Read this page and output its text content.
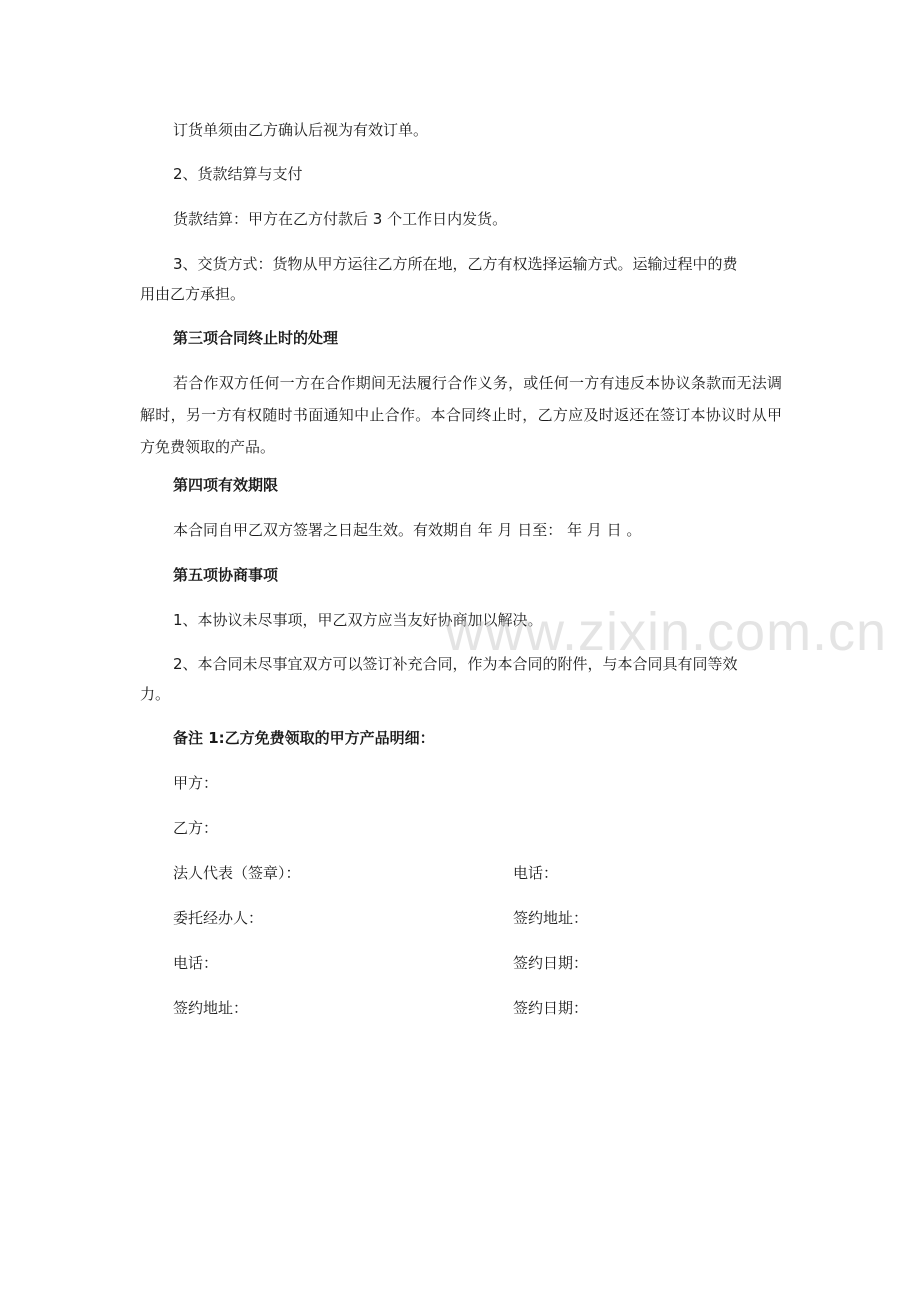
订货单须由乙方确认后视为有效订单。
2、货款结算与支付
货款结算：甲方在乙方付款后 3 个工作日内发货。
3、交货方式：货物从甲方运往乙方所在地，乙方有权选择运输方式。运输过程中的费
用由乙方承担。
第三项合同终止时的处理
若合作双方任何一方在合作期间无法履行合作义务，或任何一方有违反本协议条款而无法调解时，另一方有权随时书面通知中止合作。本合同终止时，乙方应及时返还在签订本协议时从甲方免费领取的产品。
第四项有效期限
本合同自甲乙双方签署之日起生效。有效期自 年 月 日至： 年 月 日 。
第五项协商事项
1、本协议未尽事项，甲乙双方应当友好协商加以解决。
2、本合同未尽事宜双方可以签订补充合同，作为本合同的附件，与本合同具有同等效
力。
备注 1:乙方免费领取的甲方产品明细：
甲方：
乙方：
法人代表（签章）：	电话：
委托经办人：	签约地址：
电话：	签约日期：
签约地址：	签约日期：
www.zixin.com.cn
